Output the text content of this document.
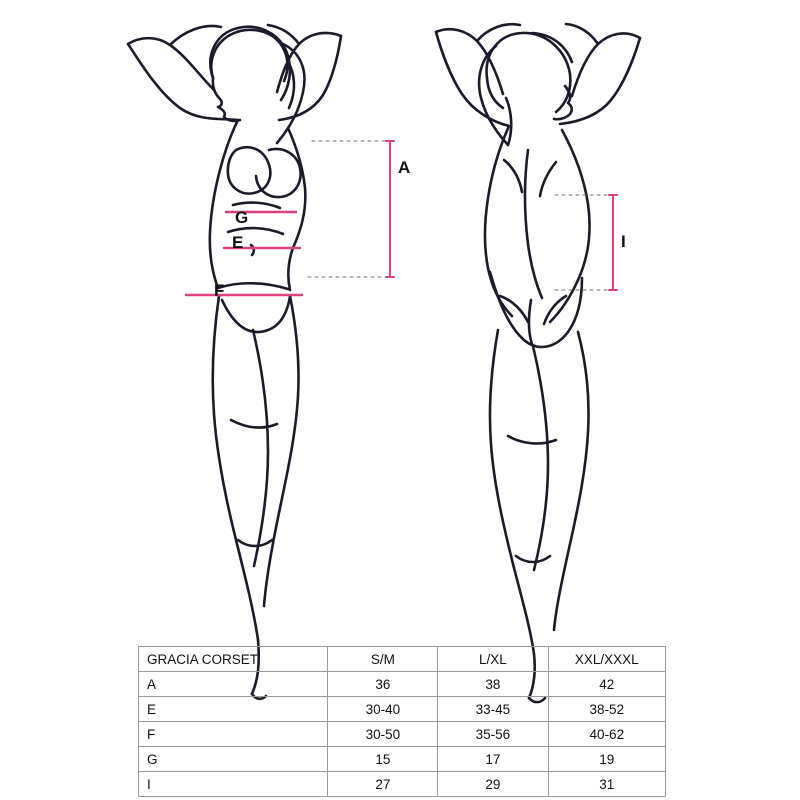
A
G
E
F
I
GRACIA CORSET	S/M	L/XL	XXL/XXXL
A	36	38	42
E	30-40	33-45	38-52
F	30-50	35-56	40-62
G	15	17	19
I	27	29	31
